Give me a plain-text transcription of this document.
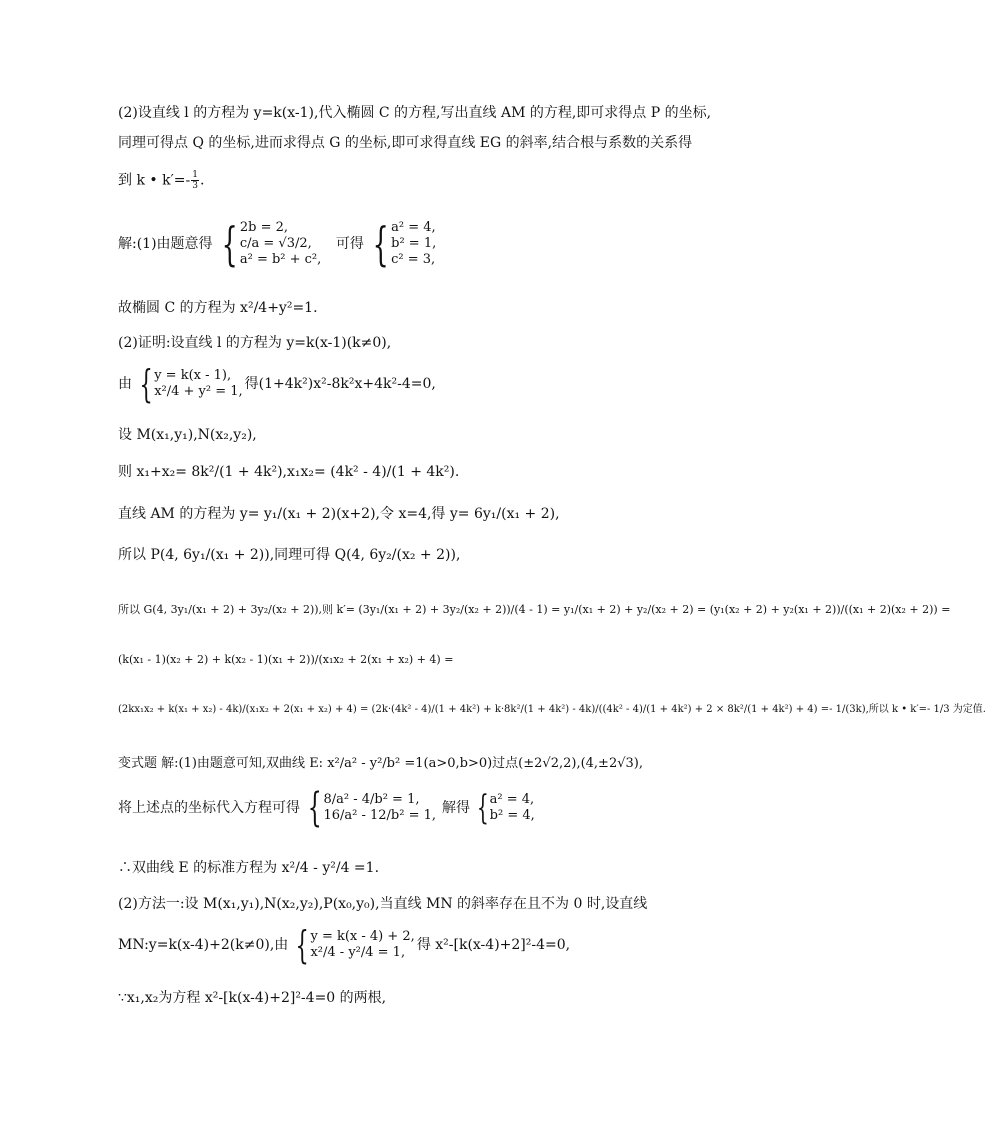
(2)设直线 l 的方程为 y=k(x-1),代入椭圆 C 的方程,写出直线 AM 的方程,即可求得点 P 的坐标,
同理可得点 Q 的坐标,进而求得点 G 的坐标,即可求得直线 EG 的斜率,结合根与系数的关系得
到 k • $k'=- \frac{1}{3}$ .
解:(1)由题意得 { 2b = 2,
c/a = √3/2,
a² = b² + c²,
可得 { a² = 4,
b² = 1,
c² = 3,
故椭圆 C 的方程为 x²/4+y²=1.
(2)证明:设直线 l 的方程为 y=k(x-1)(k≠0),
由 { y = k(x - 1),
x²/4 + y² = 1, 得(1+4k²)x²-8k²x+4k²-4=0,
设 M(x₁,y₁),N(x₂,y₂),
则 x₁+x₂= 8k²/(1 + 4k²),x₁x₂= (4k² - 4)/(1 + 4k²).
直线 AM 的方程为 y= y₁/(x₁ + 2)(x+2),令 x=4,得 y= 6y₁/(x₁ + 2),
所以 P(4, 6y₁/(x₁ + 2)),同理可得 Q(4, 6y₂/(x₂ + 2)),
所以 G(4, 3y₁/(x₁ + 2) + 3y₂/(x₂ + 2)),则 k′= (3y₁/(x₁ + 2) + 3y₂/(x₂ + 2))/(4 - 1) = y₁/(x₁ + 2) + y₂/(x₂ + 2) = (y₁(x₂ + 2) + y₂(x₁ + 2))/((x₁ + 2)(x₂ + 2)) =
(k(x₁ - 1)(x₂ + 2) + k(x₂ - 1)(x₁ + 2))/(x₁x₂ + 2(x₁ + x₂) + 4) =
(2kx₁x₂ + k(x₁ + x₂) - 4k)/(x₁x₂ + 2(x₁ + x₂) + 4) = (2k·(4k² - 4)/(1 + 4k²) + k·8k²/(1 + 4k²) - 4k)/((4k² - 4)/(1 + 4k²) + 2 × 8k²/(1 + 4k²) + 4) =- 1/(3k),所以 k • k′=- 1/3 为定值.
变式题 解:(1)由题意可知,双曲线 E: x²/a² - y²/b² =1(a>0,b>0)过点(±2√2,2),(4,±2√3),
将上述点的坐标代入方程可得 { 8/a² - 4/b² = 1,
16/a² - 12/b² = 1, 解得 { a² = 4,
b² = 4,
∴双曲线 E 的标准方程为 x²/4 - y²/4 =1.
(2)方法一:设 M(x₁,y₁),N(x₂,y₂),P(x₀,y₀),当直线 MN 的斜率存在且不为 0 时,设直线
MN:y=k(x-4)+2(k≠0),由 { y = k(x - 4) + 2,
x²/4 - y²/4 = 1, 得 x²-[k(x-4)+2]²-4=0,
∵x₁,x₂为方程 x²-[k(x-4)+2]²-4=0 的两根,
